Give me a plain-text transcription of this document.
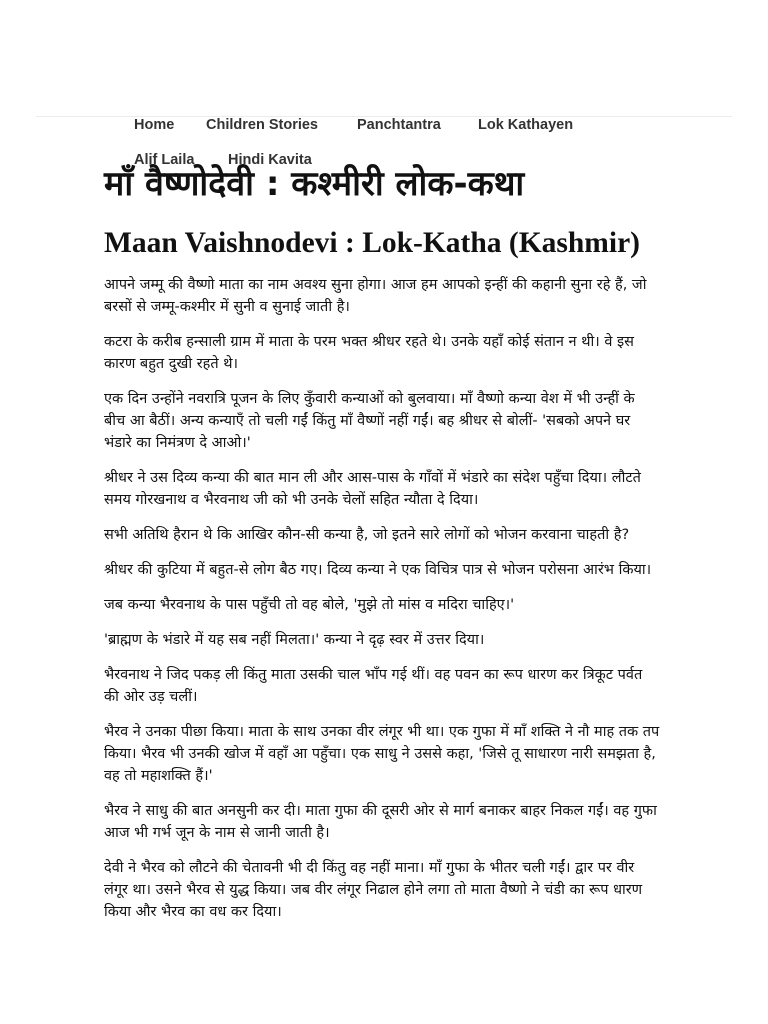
Home	Children Stories	Panchtantra	Lok Kathayen
Alif Laila	Hindi Kavita
माँ वैष्णोदेवी : कश्मीरी लोक-कथा
Maan Vaishnodevi : Lok-Katha (Kashmir)

आपने जम्मू की वैष्णो माता का नाम अवश्य सुना होगा। आज हम आपको इन्हीं की कहानी सुना रहे हैं, जो बरसों से जम्मू-कश्मीर में सुनी व सुनाई जाती है।

कटरा के करीब हन्साली ग्राम में माता के परम भक्त श्रीधर रहते थे। उनके यहाँ कोई संतान न थी। वे इस कारण बहुत दुखी रहते थे।

एक दिन उन्होंने नवरात्रि पूजन के लिए कुँवारी कन्याओं को बुलवाया। माँ वैष्णो कन्या वेश में भी उन्हीं के बीच आ बैठीं। अन्य कन्याएँ तो चली गईं किंतु माँ वैष्णों नहीं गईं। बह श्रीधर से बोलीं- 'सबको अपने घर भंडारे का निमंत्रण दे आओ।'

श्रीधर ने उस दिव्य कन्या की बात मान ली और आस-पास के गाँवों में भंडारे का संदेश पहुँचा दिया। लौटते समय गोरखनाथ व भैरवनाथ जी को भी उनके चेलों सहित न्यौता दे दिया।

सभी अतिथि हैरान थे कि आखिर कौन-सी कन्या है, जो इतने सारे लोगों को भोजन करवाना चाहती है?

श्रीधर की कुटिया में बहुत-से लोग बैठ गए। दिव्य कन्या ने एक विचित्र पात्र से भोजन परोसना आरंभ किया।

जब कन्या भैरवनाथ के पास पहुँची तो वह बोले, 'मुझे तो मांस व मदिरा चाहिए।'

'ब्राह्मण के भंडारे में यह सब नहीं मिलता।' कन्या ने दृढ़ स्वर में उत्तर दिया।

भैरवनाथ ने जिद पकड़ ली किंतु माता उसकी चाल भाँप गई थीं। वह पवन का रूप धारण कर त्रिकूट पर्वत की ओर उड़ चलीं।

भैरव ने उनका पीछा किया। माता के साथ उनका वीर लंगूर भी था। एक गुफा में माँ शक्ति ने नौ माह तक तप किया। भैरव भी उनकी खोज में वहाँ आ पहुँचा। एक साधु ने उससे कहा, 'जिसे तू साधारण नारी समझता है, वह तो महाशक्ति हैं।'

भैरव ने साधु की बात अनसुनी कर दी। माता गुफा की दूसरी ओर से मार्ग बनाकर बाहर निकल गईं। वह गुफा आज भी गर्भ जून के नाम से जानी जाती है।

देवी ने भैरव को लौटने की चेतावनी भी दी किंतु वह नहीं माना। माँ गुफा के भीतर चली गईं। द्वार पर वीर लंगूर था। उसने भैरव से युद्ध किया। जब वीर लंगूर निढाल होने लगा तो माता वैष्णो ने चंडी का रूप धारण किया और भैरव का वध कर दिया।
